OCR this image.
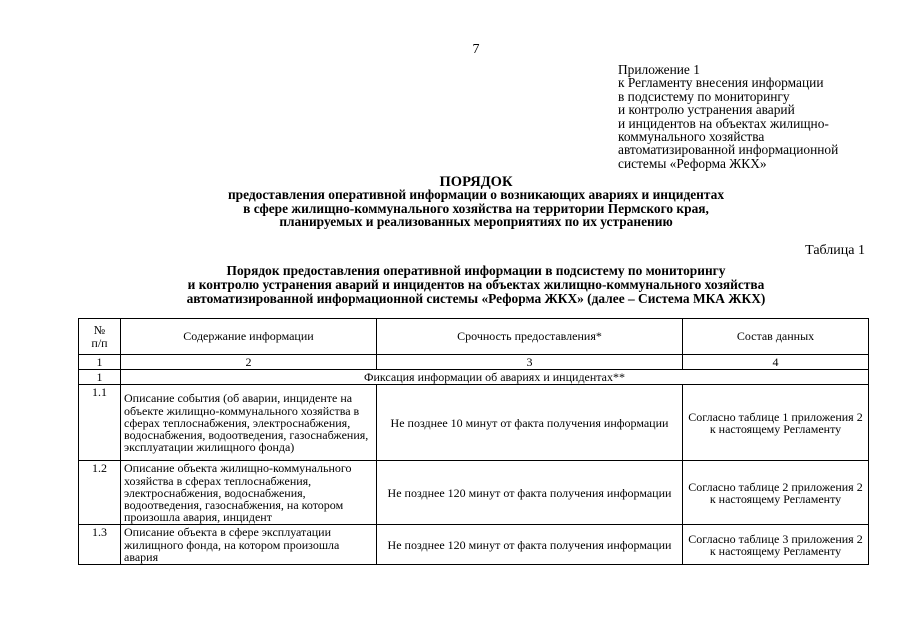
7
Приложение 1
к Регламенту внесения информации
в подсистему по мониторингу
и контролю устранения аварий
и инцидентов на объектах жилищно-
коммунального хозяйства
автоматизированной информационной
системы «Реформа ЖКХ»
ПОРЯДОК
предоставления оперативной информации о возникающих авариях и инцидентах
в сфере жилищно-коммунального хозяйства на территории Пермского края,
планируемых и реализованных мероприятиях по их устранению
Таблица 1
Порядок предоставления оперативной информации в подсистему по мониторингу
и контролю устранения аварий и инцидентов на объектах жилищно-коммунального хозяйства
автоматизированной информационной системы «Реформа ЖКХ» (далее – Система МКА ЖКХ)
№
п/п	Содержание информации	Срочность предоставления*	Состав данных
1	2	3	4
1	Фиксация информации об авариях и инцидентах**		
1.1	Описание события (об аварии, инциденте на объекте жилищно-коммунального хозяйства в сферах теплоснабжения, электроснабжения, водоснабжения, водоотведения, газоснабжения, эксплуатации жилищного фонда)	Не позднее 10 минут от факта получения информации	Согласно таблице 1 приложения 2 к настоящему Регламенту
1.2	Описание объекта жилищно-коммунального хозяйства в сферах теплоснабжения, электроснабжения, водоснабжения, водоотведения, газоснабжения, на котором произошла авария, инцидент	Не позднее 120 минут от факта получения информации	Согласно таблице 2 приложения 2 к настоящему Регламенту
1.3	Описание объекта в сфере эксплуатации жилищного фонда, на котором произошла авария	Не позднее 120 минут от факта получения информации	Согласно таблице 3 приложения 2 к настоящему Регламенту
